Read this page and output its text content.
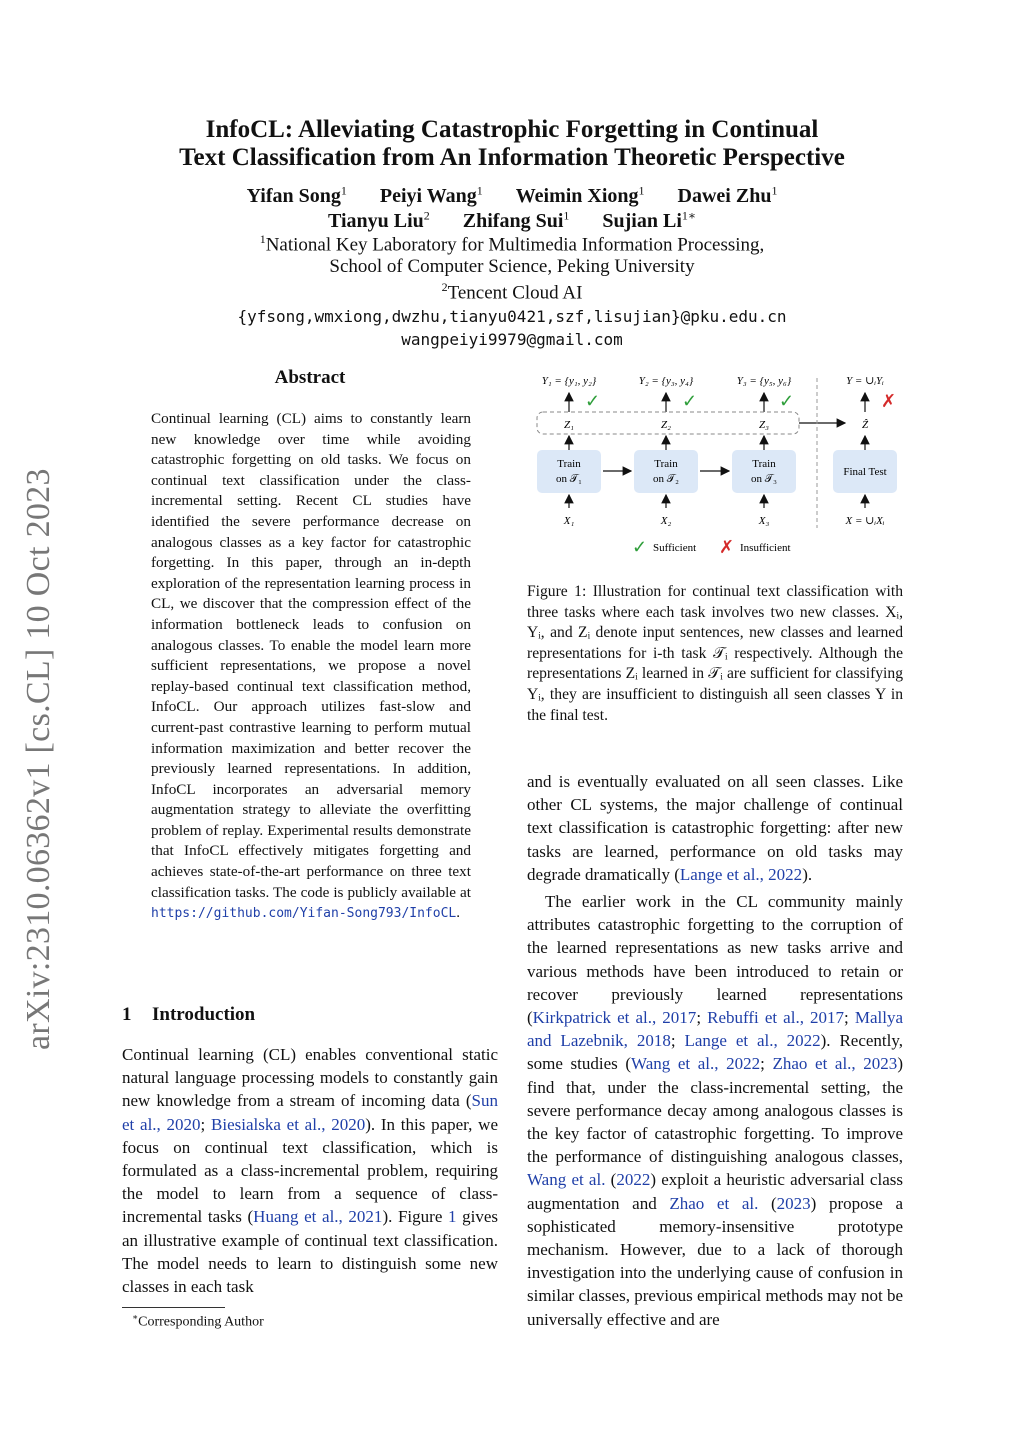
arXiv:2310.06362v1 [cs.CL] 10 Oct 2023
InfoCL: Alleviating Catastrophic Forgetting in Continual
Text Classification from An Information Theoretic Perspective
Yifan Song$^1$ Peiyi Wang$^1$ Weimin Xiong$^1$ Dawei Zhu$^1$
Tianyu Liu$^2$ Zhifang Sui$^1$ Sujian $Li^{1∗}$
$^1$National Key Laboratory for Multimedia Information Processing,
School of Computer Science, Peking University
$^2$Tencent Cloud AI
{yfsong,wmxiong,dwzhu,tianyu0421,szf,lisujian}@pku.edu.cn
wangpeiyi9979@gmail.com
Abstract
Continual learning (CL) aims to constantly learn new knowledge over time while avoiding catastrophic forgetting on old tasks. We focus on continual text classification under the class-incremental setting. Recent CL studies have identified the severe performance decrease on analogous classes as a key factor for catastrophic forgetting. In this paper, through an in-depth exploration of the representation learning process in CL, we discover that the compression effect of the information bottleneck leads to confusion on analogous classes. To enable the model learn more sufficient representations, we propose a novel replay-based continual text classification method, InfoCL. Our approach utilizes fast-slow and current-past contrastive learning to perform mutual information maximization and better recover the previously learned representations. In addition, InfoCL incorporates an adversarial memory augmentation strategy to alleviate the overfitting problem of replay. Experimental results demonstrate that InfoCL effectively mitigates forgetting and achieves state-of-the-art performance on three text classification tasks. The code is publicly available at https://github.com/Yifan-Song793/InfoCL.
1 Introduction
Continual learning (CL) enables conventional static natural language processing models to constantly gain new knowledge from a stream of incoming data (Sun et al., 2020; Biesialska et al., 2020). In this paper, we focus on continual text classification, which is formulated as a class-incremental problem, requiring the model to learn from a sequence of class-incremental tasks (Huang et al., 2021). Figure 1 gives an illustrative example of continual text classification. The model needs to learn to distinguish some new classes in each task
∗Corresponding Author
Y₁ = {y₁, y₂}	Y₂ = {y₃, y₄}	Y₃ = {y₅, y₆}	Y = ∪ᵢYᵢ
✓	✓	✓	✗
Z₁	Z₂	Z₃	Ẑ
Train
on 𝒯₁
Train
on 𝒯₂
Train
on 𝒯₃
Final Test
X₁	X₂	X₃	X = ∪ᵢXᵢ
✓ Sufficient ✗ Insufficient
Figure 1: Illustration for continual text classification with three tasks where each task involves two new classes. Xᵢ, Yᵢ, and Zᵢ denote input sentences, new classes and learned representations for i-th task 𝒯ᵢ respectively. Although the representations Zᵢ learned in 𝒯ᵢ are sufficient for classifying Yᵢ, they are insufficient to distinguish all seen classes Y in the final test.
and is eventually evaluated on all seen classes. Like other CL systems, the major challenge of continual text classification is catastrophic forgetting: after new tasks are learned, performance on old tasks may degrade dramatically (Lange et al., 2022).
The earlier work in the CL community mainly attributes catastrophic forgetting to the corruption of the learned representations as new tasks arrive and various methods have been introduced to retain or recover previously learned representations (Kirkpatrick et al., 2017; Rebuffi et al., 2017; Mallya and Lazebnik, 2018; Lange et al., 2022). Recently, some studies (Wang et al., 2022; Zhao et al., 2023) find that, under the class-incremental setting, the severe performance decay among analogous classes is the key factor of catastrophic forgetting. To improve the performance of distinguishing analogous classes, Wang et al. (2022) exploit a heuristic adversarial class augmentation and Zhao et al. (2023) propose a sophisticated memory-insensitive prototype mechanism. However, due to a lack of thorough investigation into the underlying cause of confusion in similar classes, previous empirical methods may not be universally effective and are
